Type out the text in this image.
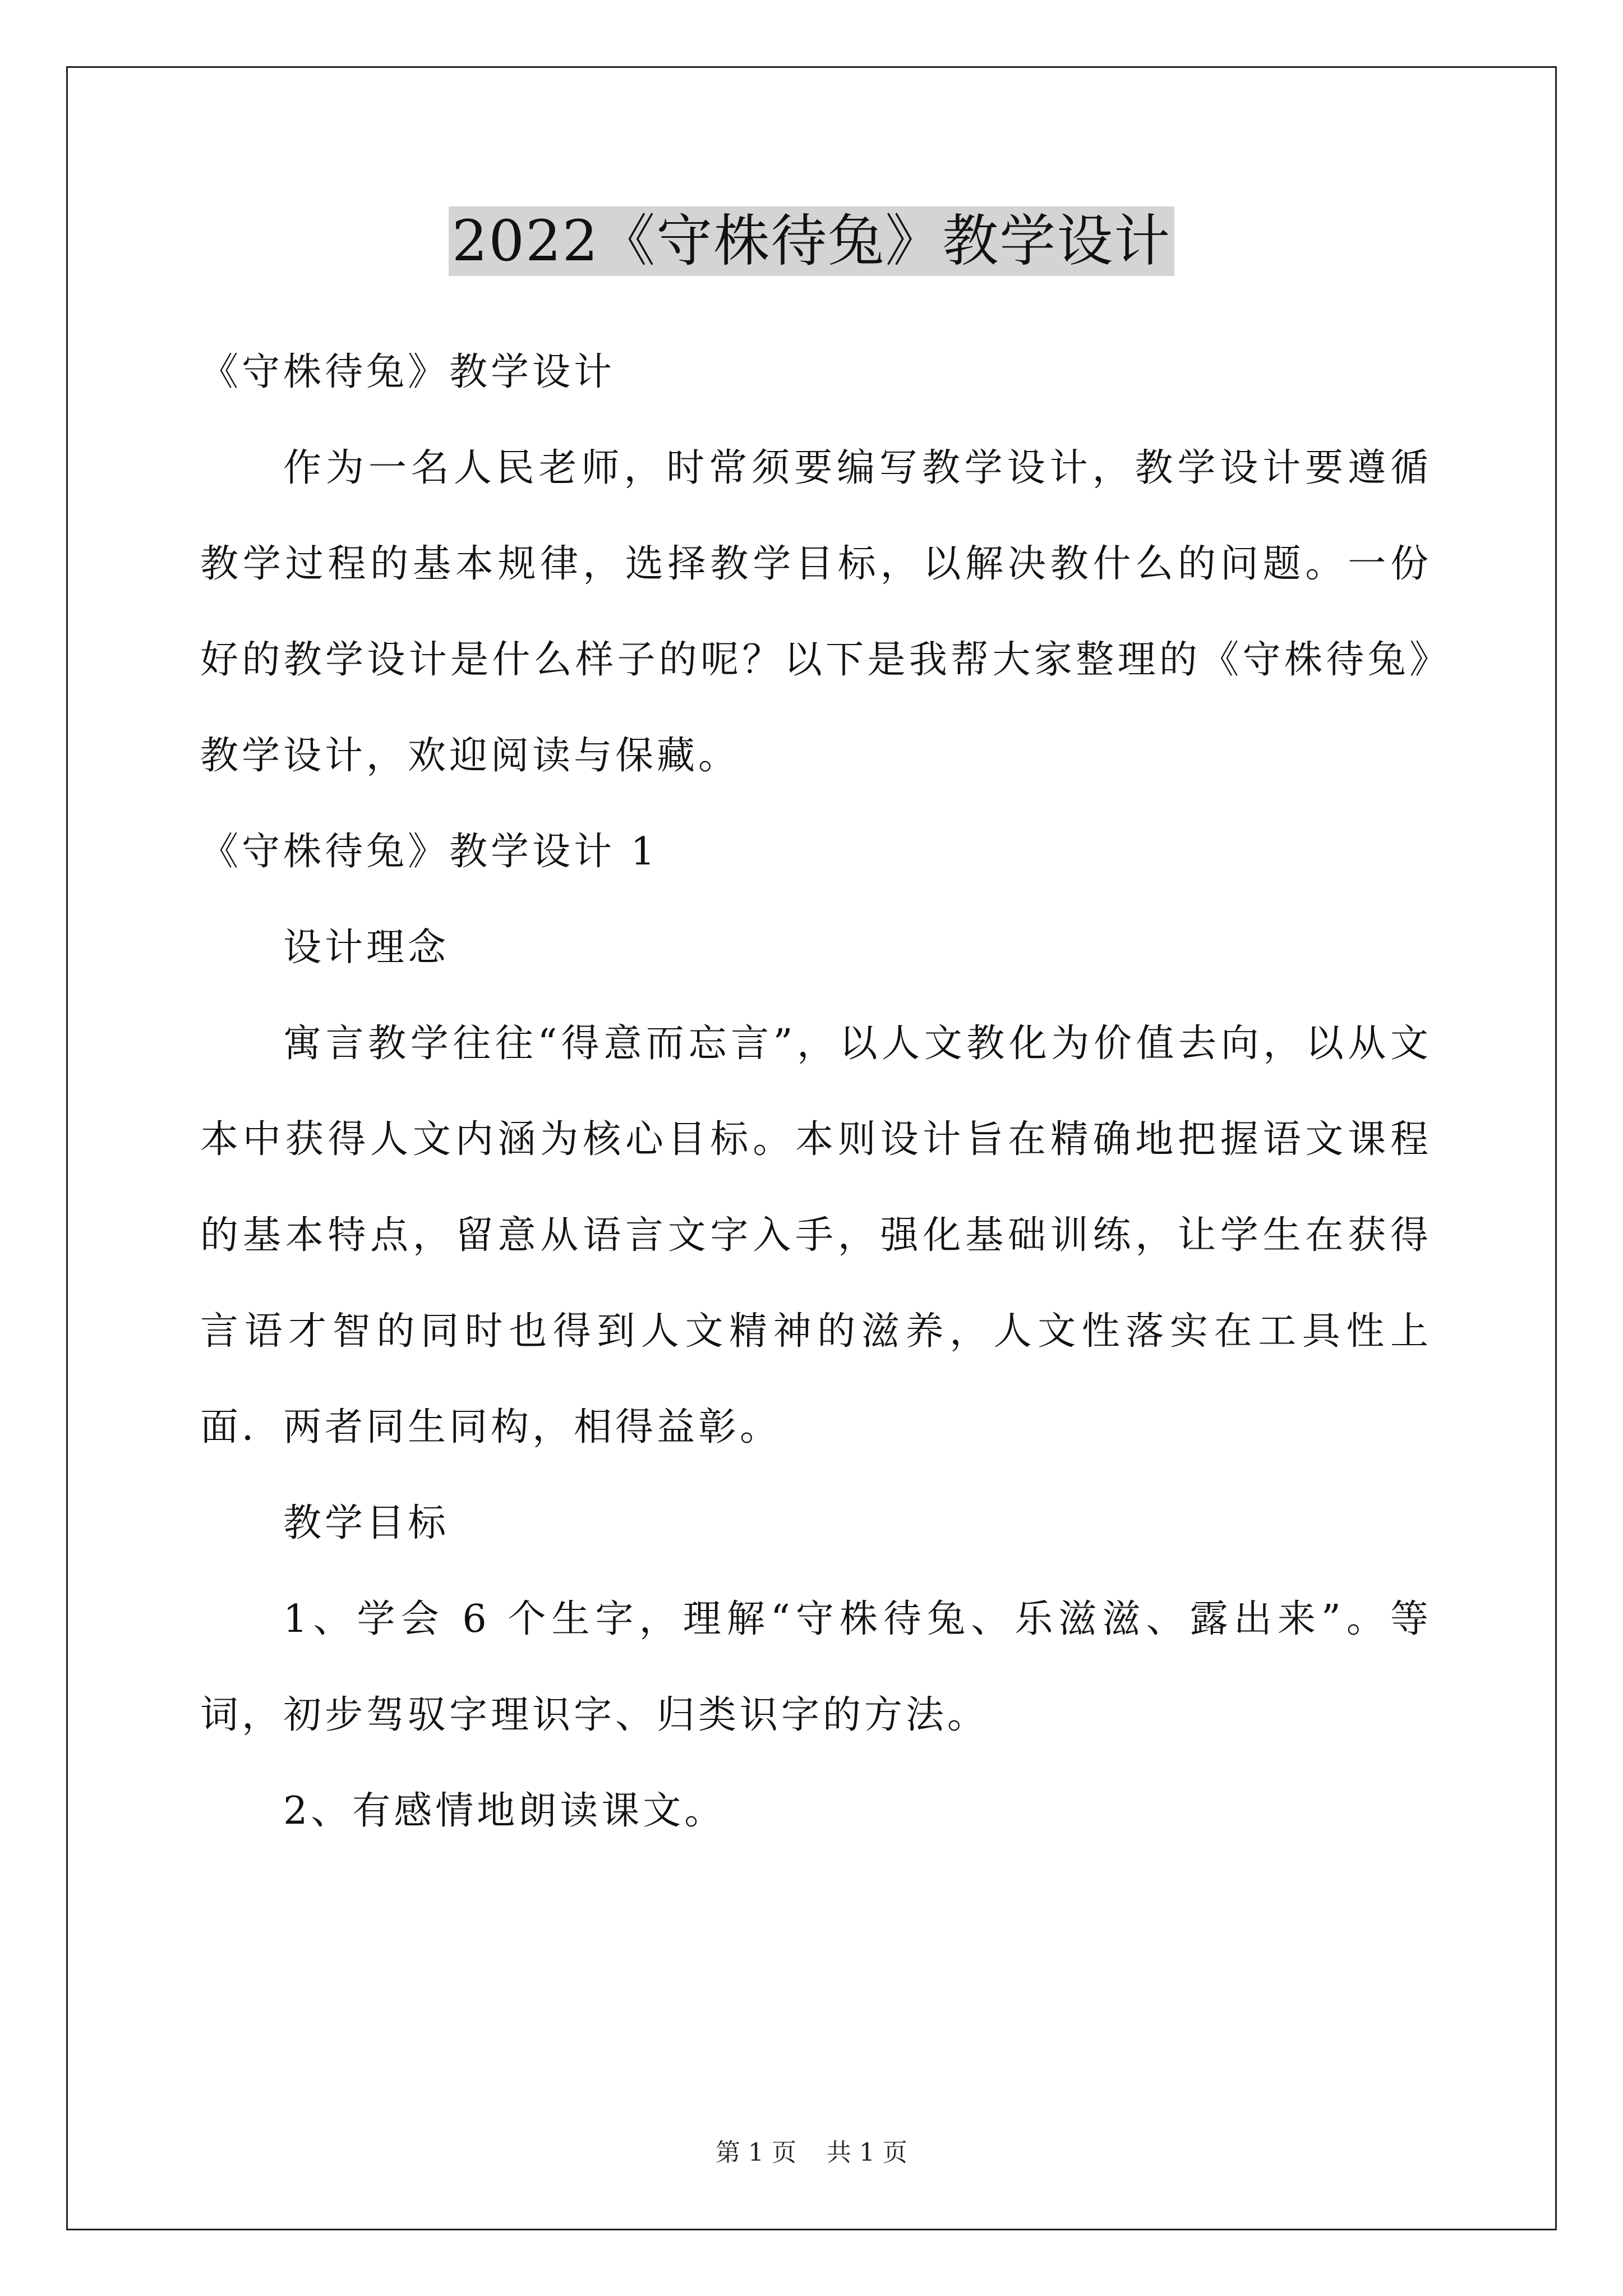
2022《守株待兔》教学设计
《守株待兔》教学设计

作为一名人民老师，时常须要编写教学设计，教学设计要遵循教学过程的基本规律，选择教学目标，以解决教什么的问题。一份好的教学设计是什么样子的呢？以下是我帮大家整理的《守株待兔》教学设计，欢迎阅读与保藏。

《守株待兔》教学设计 1
设计理念

寓言教学往往“得意而忘言”，以人文教化为价值去向，以从文本中获得人文内涵为核心目标。本则设计旨在精确地把握语文课程的基本特点，留意从语言文字入手，强化基础训练，让学生在获得言语才智的同时也得到人文精神的滋养，人文性落实在工具性上面．两者同生同构，相得益彰。

教学目标

1、学会 6 个生字，理解“守株待兔、乐滋滋、露出来”。等词，初步驾驭字理识字、归类识字的方法。

2、有感情地朗读课文。

第 1 页 共 1 页
